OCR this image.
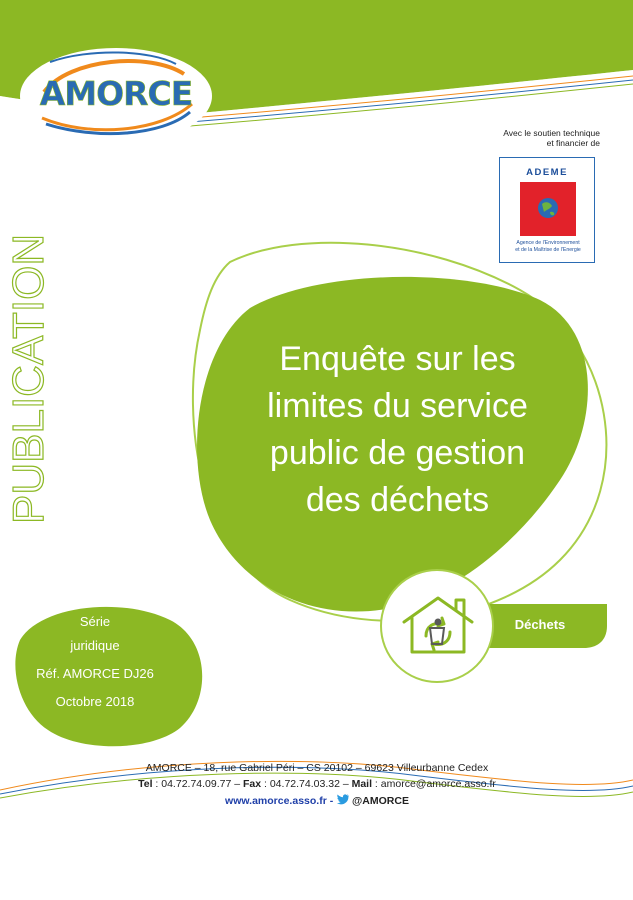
AMORCE
Avec le soutien technique
et financier de
ADEME
Agence de l'Environnement
et de la Maîtrise de l'Energie
PUBLICATION	Enquête sur les
limites du service
public de gestion
des déchets
Déchets
Série
juridique
Réf. AMORCE DJ26
Octobre 2018
AMORCE – 18, rue Gabriel Péri – CS 20102 – 69623 Villeurbanne Cedex
Tel : 04.72.74.09.77 – Fax : 04.72.74.03.32 – Mail : amorce@amorce.asso.fr
www.amorce.asso.fr -  @AMORCE
